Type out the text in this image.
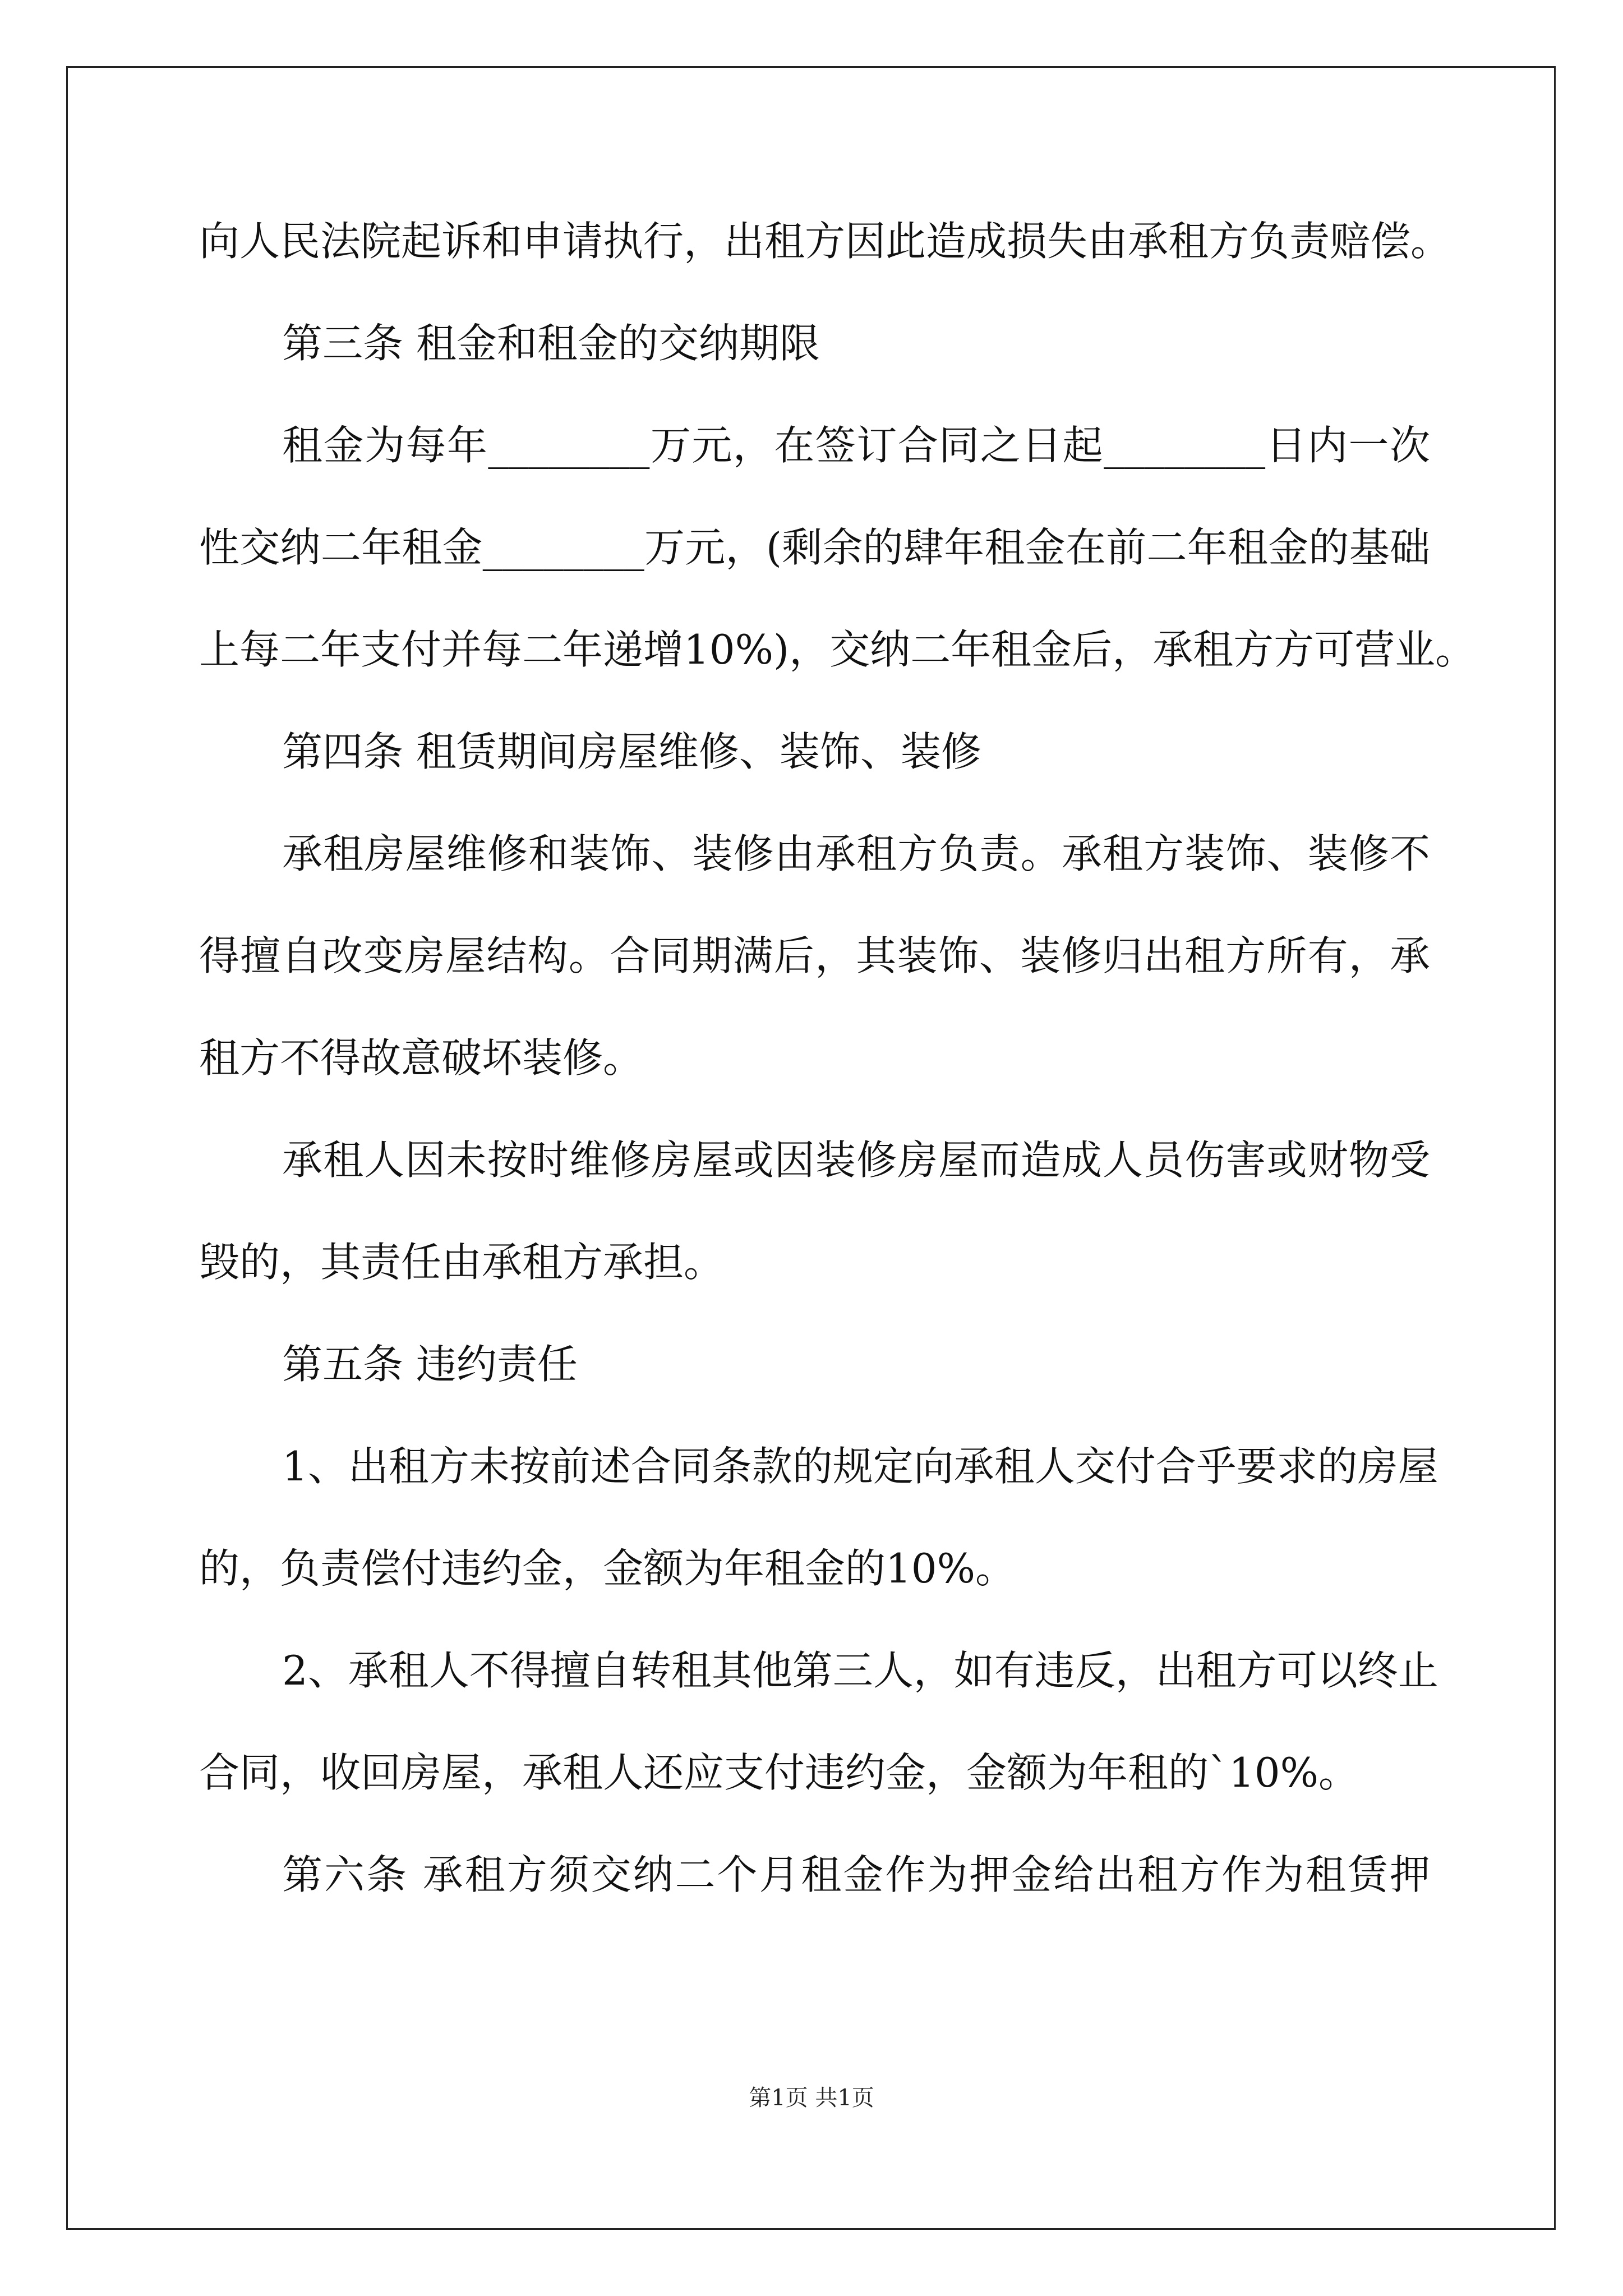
向人民法院起诉和申请执行，出租方因此造成损失由承租方负责赔偿。
第三条 租金和租金的交纳期限
租金为每年________万元，在签订合同之日起________日内一次
性交纳二年租金________万元，(剩余的肆年租金在前二年租金的基础
上每二年支付并每二年递增10%)，交纳二年租金后，承租方方可营业。
第四条 租赁期间房屋维修、装饰、装修
承租房屋维修和装饰、装修由承租方负责。承租方装饰、装修不
得擅自改变房屋结构。合同期满后，其装饰、装修归出租方所有，承
租方不得故意破坏装修。
承租人因未按时维修房屋或因装修房屋而造成人员伤害或财物受
毁的，其责任由承租方承担。
第五条 违约责任
1、出租方未按前述合同条款的规定向承租人交付合乎要求的房屋
的，负责偿付违约金，金额为年租金的10%。
2、承租人不得擅自转租其他第三人，如有违反，出租方可以终止
合同，收回房屋，承租人还应支付违约金，金额为年租的`10%。
第六条 承租方须交纳二个月租金作为押金给出租方作为租赁押
第1页 共1页
